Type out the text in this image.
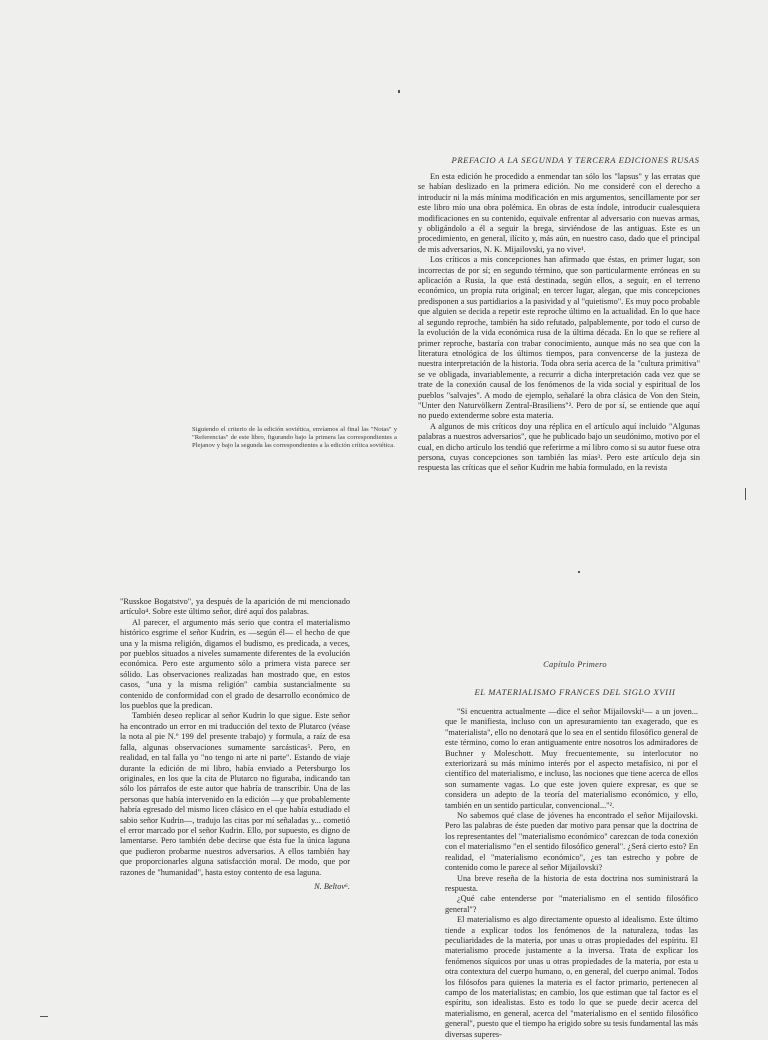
PREFACIO A LA SEGUNDA Y TERCERA EDICIONES RUSAS

En esta edición he procedido a enmendar tan sólo los "lapsus" y las erratas que se habían deslizado en la primera edición. No me consideré con el derecho a introducir ni la más mínima modificación en mis argumentos, sencillamente por ser este libro mío una obra polémica. En obras de esta índole, introducir cualesquiera modificaciones en su contenido, equivale enfrentar al adversario con nuevas armas, y obligándolo a él a seguir la brega, sirviéndose de las antiguas. Este es un procedimiento, en general, ilícito y, más aún, en nuestro caso, dado que el principal de mis adversarios, N. K. Mijailovski, ya no vive¹.

Los críticos a mis concepciones han afirmado que éstas, en primer lugar, son incorrectas de por sí; en segundo término, que son particularmente erróneas en su aplicación a Rusia, la que está destinada, según ellos, a seguir, en el terreno económico, un propia ruta original; en tercer lugar, alegan, que mis concepciones predisponen a sus partidiarios a la pasividad y al "quietismo". Es muy poco probable que alguien se decida a repetir este reproche último en la actualidad. En lo que hace al segundo reproche, también ha sido refutado, palpablemente, por todo el curso de la evolución de la vida económica rusa de la última década. En lo que se refiere al primer reproche, bastaría con trabar conocimiento, aunque más no sea que con la literatura etnológica de los últimos tiempos, para convencerse de la justeza de nuestra interpretación de la historia. Toda obra seria acerca de la "cultura primitiva" se ve obligada, invariablemente, a recurrir a dicha interpretación cada vez que se trate de la conexión causal de los fenómenos de la vida social y espiritual de los pueblos "salvajes". A modo de ejemplo, señalaré la obra clásica de Von den Stein, "Unter den Naturvölkern Zentral-Brasiliens"². Pero de por sí, se entiende que aquí no puedo extenderme sobre esta materia.

A algunos de mis críticos doy una réplica en el artículo aquí incluido "Algunas palabras a nuestros adversarios", que he publicado bajo un seudónimo, motivo por el cual, en dicho artículo los tendió que referirme a mí libro como si su autor fuese otra persona, cuyas concepciones son también las mías³. Pero este artículo deja sin respuesta las críticas que el señor Kudrin me había formulado, en la revista

Siguiendo el criterio de la edición soviética, envíamos al final las "Notas" y "Referencias" de este libro, figurando bajo la primera las correspondientes a Plejanov y bajo la segunda las correspondientes a la edición crítica soviética.

"Russkoe Bogatstvo", ya después de la aparición de mi mencionado artículo⁴. Sobre este último señor, diré aquí dos palabras.

Al parecer, el argumento más serio que contra el materialismo histórico esgrime el señor Kudrin, es —según él— el hecho de que una y la misma religión, digamos el budismo, es predicada, a veces, por pueblos situados a niveles sumamente diferentes de la evolución económica. Pero este argumento sólo a primera vista parece ser sólido. Las observaciones realizadas han mostrado que, en estos casos, "una y la misma religión" cambia sustancialmente su contenido de conformidad con el grado de desarrollo económico de los pueblos que la predican.

También deseo replicar al señor Kudrin lo que sigue. Este señor ha encontrado un error en mi traducción del texto de Plutarco (véase la nota al pie N.º 199 del presente trabajo) y formula, a raíz de esa falla, algunas observaciones sumamente sarcásticas⁵. Pero, en realidad, en tal falla yo "no tengo ni arte ni parte". Estando de viaje durante la edición de mi libro, había enviado a Petersburgo los originales, en los que la cita de Plutarco no figuraba, indicando tan sólo los párrafos de este autor que habría de transcribir. Una de las personas que había intervenido en la edición —y que probablemente habría egresado del mismo liceo clásico en el que había estudiado el sabio señor Kudrin—, tradujo las citas por mí señaladas y... cometió el error marcado por el señor Kudrin. Ello, por supuesto, es digno de lamentarse. Pero también debe decirse que ésta fue la única laguna que pudieron probarme nuestros adversarios. A ellos también hay que proporcionarles alguna satisfacción moral. De modo, que por razones de "humanidad", hasta estoy contento de esa laguna.

N. Beltov⁶.
Capítulo Primero
EL MATERIALISMO FRANCES DEL SIGLO XVIII

"Si encuentra actualmente —dice el señor Mijailovski¹— a un joven... que le manifiesta, incluso con un apresuramiento tan exagerado, que es "materialista", ello no denotará que lo sea en el sentido filosófico general de este término, como lo eran antiguamente entre nosotros los admiradores de Buchner y Moleschott. Muy frecuentemente, su interlocutor no exteriorizará su más mínimo interés por el aspecto metafísico, ni por el científico del materialismo, e incluso, las nociones que tiene acerca de ellos son sumamente vagas. Lo que este joven quiere expresar, es que se considera un adepto de la teoría del materialismo económico, y ello, también en un sentido particular, convencional..."².

No sabemos qué clase de jóvenes ha encontrado el señor Mijailovski. Pero las palabras de éste pueden dar motivo para pensar que la doctrina de los representantes del "materialismo económico" carezcan de toda conexión con el materialismo "en el sentido filosófico general". ¿Será cierto esto? En realidad, el "materialismo económico", ¿es tan estrecho y pobre de contenido como le parece al señor Mijailovski?

Una breve reseña de la historia de esta doctrina nos suministrará la respuesta.

¿Qué cabe entenderse por "materialismo en el sentido filosófico general"?

El materialismo es algo directamente opuesto al idealismo. Este último tiende a explicar todos los fenómenos de la naturaleza, todas las peculiaridades de la materia, por unas u otras propiedades del espíritu. El materialismo procede justamente a la inversa. Trata de explicar los fenómenos síquicos por unas u otras propiedades de la materia, por esta u otra contextura del cuerpo humano, o, en general, del cuerpo animal. Todos los filósofos para quienes la materia es el factor primario, pertenecen al campo de los materialistas; en cambio, los que estiman que tal factor es el espíritu, son idealistas. Esto es todo lo que se puede decir acerca del materialismo, en general, acerca del "materialismo en el sentido filosófico general", puesto que el tiempo ha erigido sobre su tesis fundamental las más diversas superes-
